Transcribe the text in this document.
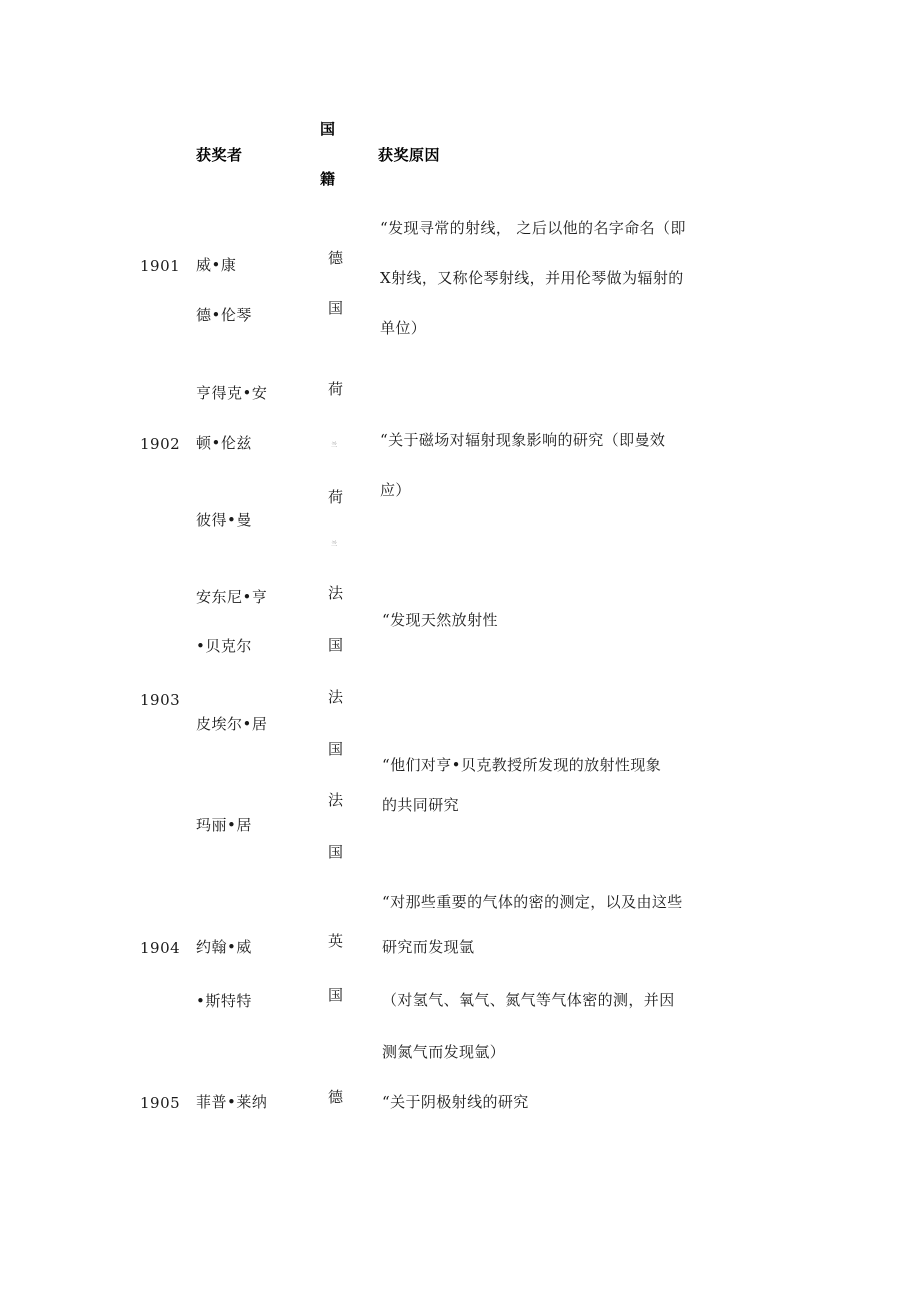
获奖者
国
籍
获奖原因
1901 威•康
德•伦琴
德
国
“发现寻常的射线， 之后以他的名字命名（即
X射线，又称伦琴射线，并用伦琴做为辐射的
单位）
1902
亨得克•安
顿•伦兹
彼得•曼
荷
兰
荷
兰
“关于磁场对辐射现象影响的研究（即曼效
应）
1903
安东尼•亨
•贝克尔
皮埃尔•居
玛丽•居
法
国
法
国
法
国
“发现天然放射性
“他们对亨•贝克教授所发现的放射性现象
的共同研究
1904 约翰•威
•斯特特
英
国
“对那些重要的气体的密的测定，以及由这些
研究而发现氩
（对氢气、氧气、氮气等气体密的测，并因
测氮气而发现氩）
1905 菲普•莱纳	德	“关于阴极射线的研究
